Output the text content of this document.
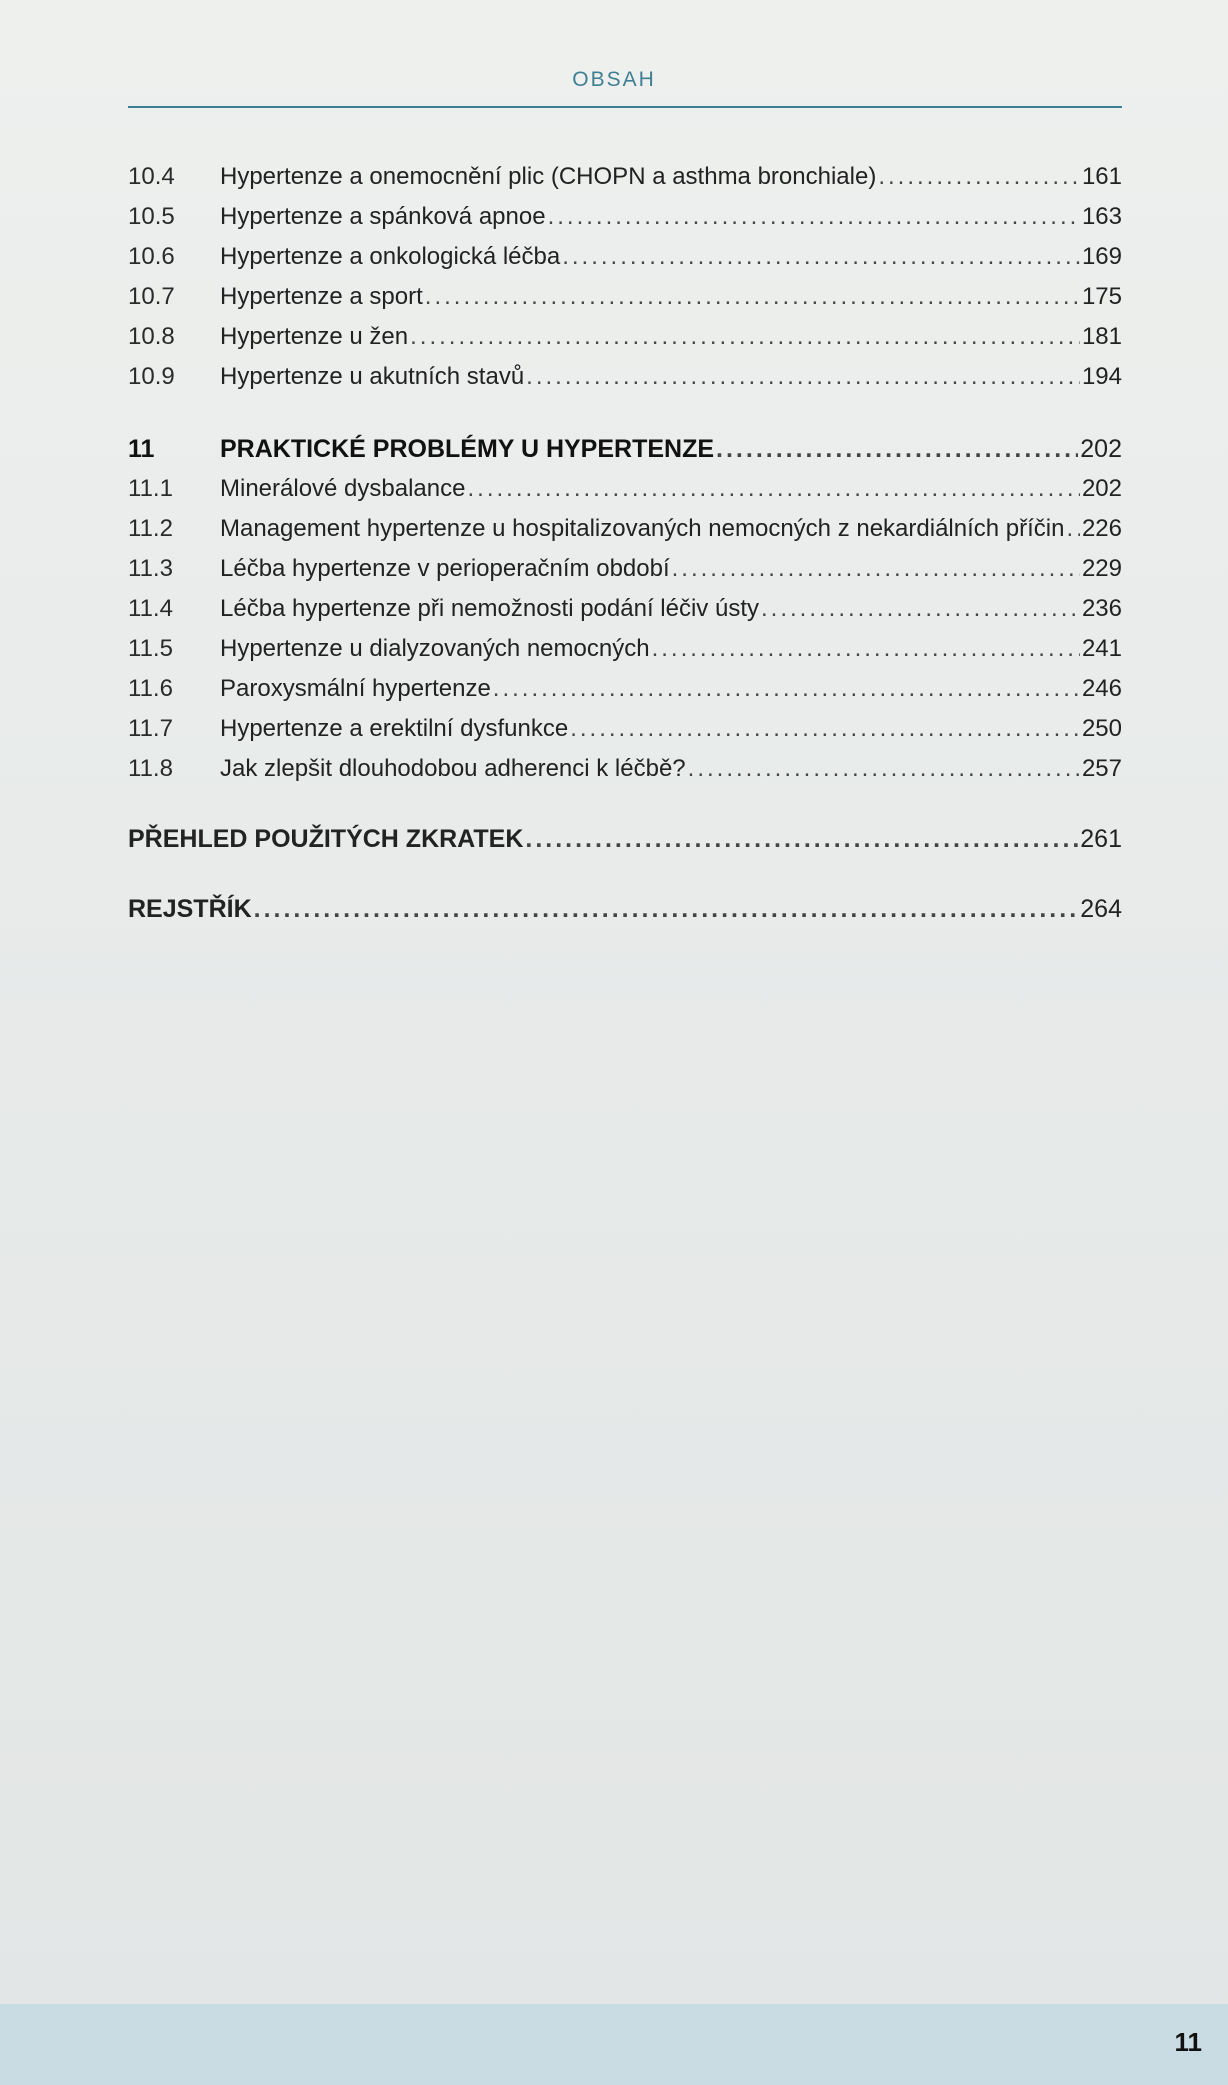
OBSAH
10.4	Hypertenze a onemocnění plic (CHOPN a asthma bronchiale) .....	161
10.5	Hypertenze a spánková apnoe .....	163
10.6	Hypertenze a onkologická léčba .....	169
10.7	Hypertenze a sport .....	175
10.8	Hypertenze u žen .....	181
10.9	Hypertenze u akutních stavů .....	194
11	PRAKTICKÉ PROBLÉMY U HYPERTENZE .....	202
11.1	Minerálové dysbalance .....	202
11.2	Management hypertenze u hospitalizovaných nemocných z nekardiálních příčin ..... 226
11.3	Léčba hypertenze v perioperačním období .....	229
11.4	Léčba hypertenze při nemožnosti podání léčiv ústy .....	236
11.5	Hypertenze u dialyzovaných nemocných .....	241
11.6	Paroxysmální hypertenze .....	246
11.7	Hypertenze a erektilní dysfunkce .....	250
11.8	Jak zlepšit dlouhodobou adherenci k léčbě? .....	257
PŘEHLED POUŽITÝCH ZKRATEK .....	261
REJSTŘÍK .....	264
11
